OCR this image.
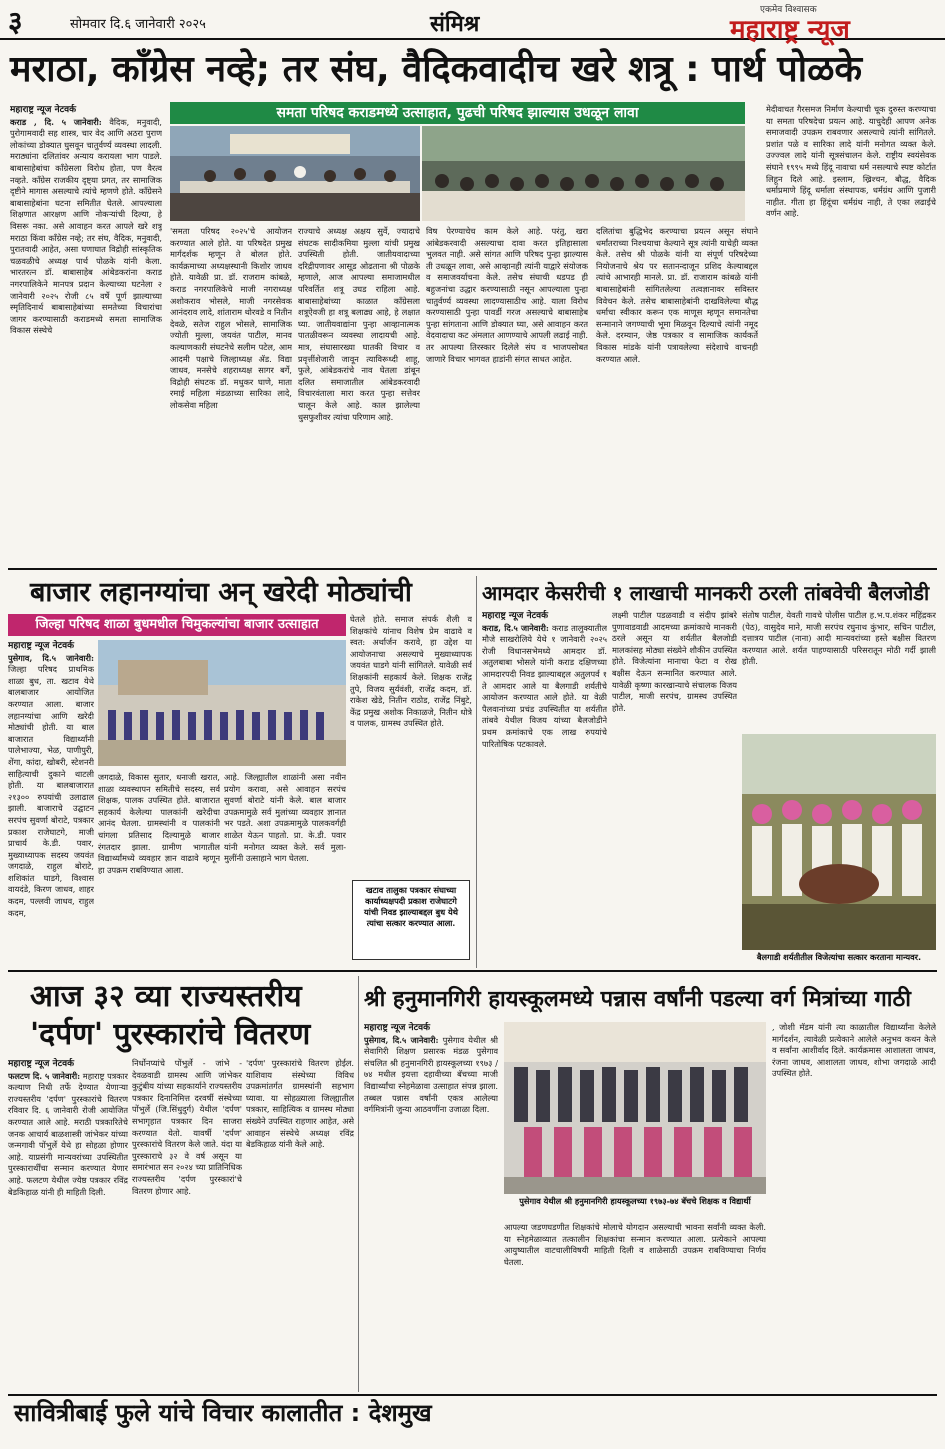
३	सोमवार दि.६ जानेवारी २०२५	संमिश्र
एकमेव विश्वासक
महाराष्ट्र न्यूज
मराठा, काँग्रेस नव्हे; तर संघ, वैदिकवादीच खरे शत्रू : पार्थ पोळके
समता परिषद कराडमध्ये उत्साहात, पुढची परिषद झाल्यास उधळून लावा
महाराष्ट्र न्यूज नेटवर्क
कराड , दि. ५ जानेवारी: वैदिक, मनुवादी, पुरोगामवादी सह शास्त्र, चार वेद आणि अठरा पुराण लोकांच्या डोक्यात घुसवून चातुर्वर्ण्य व्यवस्था लादली. मराठ्यांना दलितांवर अन्याय करायला भाग पाडले. बाबासाहेबांचा काँग्रेसला विरोध होता, पण वैरत्व नव्हते. काँग्रेस राजकीय दृष्ट्या प्रगत, तर सामाजिक दृष्टीने मागास असल्याचे त्यांचे म्हणणे होते. काँग्रेसने बाबासाहेबांना घटना समितीत घेतले. आपल्याला शिक्षणात आरक्षण आणि नोकऱ्यांची दिल्या, हे विसरू नका. असे आवाहन करत आपले खरे शत्रू मराठा किंवा काँग्रेस नव्हे; तर संघ, वैदिक, मनुवादी, पुरातवादी आहेत, असा घणाघात विद्रोही सांस्कृतिक चळवळीचे अध्यक्ष पार्थ पोळके यांनी केला. भारतरत्न डॉ. बाबासाहेब आंबेडकरांना कराड नगरपालिकेने मानपत्र प्रदान केल्याच्या घटनेला २ जानेवारी २०२५ रोजी ८५ वर्षे पूर्ण झाल्याच्या स्मृतिदिनार्थ बाबासाहेबांच्या समतेच्या विचारांचा जागर करण्यासाठी कराडमध्ये समता सामाजिक विकास संस्थेचे
'समता परिषद २०२५'चे आयोजन करण्यात आले होते. या परिषदेत प्रमुख मार्गदर्शक म्हणून ते बोलत होते. कार्यक्रमाच्या अध्यक्षस्थानी किशोर जाधव होते. यावेळी प्रा. डॉ. राजराम कांबळे, कराड नगरपालिकेचे माजी नगराध्यक्ष अशोकराव भोसले, माजी नगरसेवक आनंदराव लादे, शांताराम थोरवडे व नितीन देवळे, सतेज राहुल भोसले, सामाजिक ज्योती मुल्ला, जयवंत पाटील, मानव कल्याणकारी संघटनेचे सलीम पटेल, आम आदमी पक्षाचे जिल्हाध्यक्ष ॲड. विद्या जाधव, मनसेचे शहराध्यक्ष सागर बर्गे, विद्रोही संघटक डॉ. मधुकर घाणे, माता रमाई महिला मंडळाच्या सारिका लादे, लोकसेवा महिला
राज्याचे अध्यक्ष अक्षय सुर्वे, ज्यादाचे संघटक सादीकमिया मुल्ला यांची प्रमुख उपस्थिती होती. जातीयवादाच्या दरिद्रीपणावर आसूड ओढताना श्री पोळके म्हणाले, आज आपल्या समाजामधील परिवर्तित शत्रू उघड राहिला आहे. बाबासाहेबांच्या काळात काँग्रेसला शत्रूऐवजी हा शत्रू बलाढ्य आहे, हे लक्षात घ्या. जातीयवाद्यांना पुन्हा आव्हानात्मक पातळीवरून व्यवस्था लादायची आहे. मात्र, संघासारख्या घातकी विचार व प्रवृत्तींशेजारी जावून त्याविरूध्दी शाहू, फुले, आंबेडकरांचे नाव घेतला डांबून दलित समाजातील आंबेडकरवादी विचारवंताला मारा करत पुन्हा सत्तेवर चालून केले आहे. काल झालेल्या धुसफुशीवर त्यांचा परिणाम आहे.
विष पेरण्याचेच काम केले आहे. परंतु, खरा आंबेडकरवादी असल्याचा दावा करत इतिहासाला भुलवत नाही. असे सांगत आणि परिषद पुन्हा झाल्यास ती उधळून लावा, असे आव्हानही त्यांनी याद्वारे संयोजक व समाजवर्याचना केले. तसेच संघाची धडपड ही बहुजनांचा उद्धार करण्यासाठी नसून आपल्याला पुन्हा चातुर्वर्ण्य व्यवस्था लादण्यासाठीच आहे. याला विरोध करण्यासाठी पुन्हा पावर्डी गरज असल्याचे बाबासाहेब पुन्हा सांगताना आणि डोक्यात घ्या, असे आवाहन करत वेदवादाचा कट अंमलात आणण्याचे आपली लढाई नाही. तर आपल्या तिरस्कार दिलेले संघ व भाजपसोबत जाणारे विचार भागवत हाडांनी संगत साधत आहेत.
दलितांचा बुद्धिभेद करण्याचा प्रयत्न असून संघाने धर्मांतराच्या निश्चयाचा केल्याने सूत्र त्यांनी याचेही व्यक्त केले. तसेच श्री पोळके यांनी या संपूर्ण परिषदेच्या नियोजनाचे श्रेय पर सतानन्दाजून प्रशिद केल्याबद्दल त्यांचे आभारही मानले. प्रा. डॉ. राजाराम कांबळे यांनी बाबासाहेबांनी सांगितलेल्या तत्वज्ञानावर सविस्तर विवेचन केले. तसेच बाबासाहेबांनी दाखविलेल्या बौद्ध धर्माचा स्वीकार करून एक माणूस म्हणून समानतेचा सन्मानाने जगण्याची भूमा मिळवून दिल्याचे त्यांनी नमूद केले. दरम्यान, जेष्ठ पत्रकार व सामाजिक कार्यकर्ते विकास मांडके यांनी पत्रावलेल्या संदेशाचे वाचनही करण्यात आले.
मेदीवाचत गैरसमज निर्माण केल्याची चूक दुरुस्त करण्याचा या समता परिषदेचा प्रयत्न आहे. याचुदेही आपण अनेक समाजवादी उपक्रम राबवणार असल्याचे त्यांनी सांगितले. प्रशांत पळे व सारिका लादे यांनी मनोगत व्यक्त केले. उज्ज्वल लादे यांनी सूत्रसंचालन केले. राष्ट्रीय स्वयंसेवक संघाने १९९५ मध्ये हिंदू नावाचा धर्म नसल्याचे स्पष्ट कोर्टात लिहून दिले आहे. इस्लाम, ख्रिश्चन, बौद्ध, वैदिक धर्माप्रमाणे हिंदू धर्माला संस्थापक, धर्मग्रंथ आणि पुजारी नाहीत. गीता हा हिंदूंचा धर्मग्रंथ नाही, ते एका लढाईचे वर्णन आहे.
बाजार लहानग्यांचा अन् खरेदी मोठ्यांची
जिल्हा परिषद शाळा बुधमधील चिमुकल्यांचा बाजार उत्साहात
महाराष्ट्र न्यूज नेटवर्क
पुसेगाव, दि.५ जानेवारी: जिल्हा परिषद प्राथमिक शाळा बुध, ता. खटाव येथे बालबाजार आयोजित करण्यात आला. बाजार लहानग्यांचा आणि खरेदी मोठ्यांची होती. या बाल बाजारात विद्यार्थ्यांनी पालेभाज्या, भेळ, पाणीपुरी, शेंगा, कांदा, खोबरी, स्टेशनरी साहित्याची दुकाने थाटली होती. या बालबाजारात २१३०० रुपयांची उलाढाल झाली. बाजाराचे उद्घाटन सरपंच सुवर्णा बोराटे, पत्रकार प्रकाश राजेघाटगे, माजी प्राचार्य के.डी. पवार, मुख्याध्यापक सदस्य जयवंत जगदाळे, राहुल बोराटे, शशिकांत घाडगे, विश्वास वायदंडे, किरण जाधव, शाहर कदम, पल्लवी जाधव, राहुल कदम,
जगदाळे, विकास सुतार, धनाजी खरात, शाळा व्यवस्थापन समितीचे सदस्य, सर्व शिक्षक, पालक उपस्थित होते. बाजारात सहकार्य केलेल्या पालकांनी खरेदीचा आनंद घेतला. ग्रामस्थांनी व पालकांनी चांगला प्रतिसाद दिल्यामुळे बाजार रंगतदार झाला. ग्रामीण भागातील विद्यार्थ्यांमध्ये व्यवहार ज्ञान वाढावे म्हणून हा उपक्रम राबविण्यात आला.
आहे. जिल्ह्यातील शाळांनी असा नवीन प्रयोग करावा, असे आवाहन सरपंच सुवर्णा बोराटे यांनी केले. बाल बाजार उपक्रमामुळे सर्व मुलांच्या व्यवहार ज्ञानात भर पडते. अशा उपक्रमामुळे पालकवर्गही शाळेत येऊन पाहतो. प्रा. के.डी. पवार यांनी मनोगत व्यक्त केले. सर्व मुला-मुलींनी उत्साहाने भाग घेतला.
घेतले होते. समाज संपर्क शैली व शिक्षकांचे यांनाच विशेष प्रेम वाढावे व स्वत: अर्थार्जन करावे, हा उद्देश या आयोजनाचा असल्याचे मुख्याध्यापक जयवंत घाडगे यांनी सांगितले. यावेळी सर्व शिक्षकांनी सहकार्य केले. शिक्षक राजेंद्र तुपे, विजय सुर्यवंशी, राजेंद्र कदम, डॉ. राकेश खेडे, नितीन राठोड, राजेंद्र निंबुटे, केंद्र प्रमुख अशोक निकाळजे, नितीन धोत्रे व पालक, ग्रामस्थ उपस्थित होते.
खटाव तालुका पत्रकार संघाच्या कार्याध्यक्षपदी प्रकाश राजेघाटगे यांची निवड झाल्याबद्दल बुध येथे त्यांचा सत्कार करण्यात आला.
आमदार केसरीची १ लाखाची मानकरी ठरली तांबवेची बैलजोडी
महाराष्ट्र न्यूज नेटवर्क
कराड, दि.५ जानेवारी: कराड तालुक्यातील मौजे साखरोलिये येथे १ जानेवारी २०२५ रोजी विधानसभेमध्ये आमदार डॉ. अतुलबाबा भोसले यांनी कराड दक्षिणच्या आमदारपदी निवड झाल्याबद्दल अतुलपर्व १ ते आमदार आले या बैलगाडी शर्यतीचे आयोजन करण्यात आले होते. या वेळी पैलवानांच्या प्रचंड उपस्थितीत या शर्यतीत तांबवे येथील विजय यांच्या बैलजोडीने प्रथम क्रमांकाचे एक लाख रुपयांचे पारितोषिक पटकावले.
लक्ष्मी पाटील पडळवाडी व संदीप झांबरे पुणावाडवाडी आदमच्या क्रमांकाचे मानकरी ठरले असून या शर्यतीत बैलजोडी मालकांसह मोठ्या संख्येने शौकीन उपस्थित होते. विजेत्यांना मानाचा फेटा व रोख बक्षीस देऊन सन्मानित करण्यात आले. यावेळी कृष्णा कारखान्याचे संचालक विजय पाटील, माजी सरपंच, ग्रामस्थ उपस्थित होते.
संतोष पाटील, येवती गावचे पोलीस पाटील ह.भ.प.शंकर महिंद्रकर (पेठ), वासुदेव माने, माजी सरपंच रघुनाथ कुंभार, सचिन पाटील, दत्तात्रय पाटील (नाना) आदी मान्यवरांच्या हस्ते बक्षीस वितरण करण्यात आले. शर्यत पाहण्यासाठी परिसरातून मोठी गर्दी झाली होती.
बैलगाडी शर्यतीतील विजेत्यांचा सत्कार करताना मान्यवर.
आज ३२ व्या राज्यस्तरीय
'दर्पण' पुरस्कारांचे वितरण
महाराष्ट्र न्यूज नेटवर्क
फलटण दि. ५ जानेवारी: महाराष्ट्र पत्रकार कल्याण निधी तर्फे देण्यात येणाऱ्या राज्यस्तरीय 'दर्पण' पुरस्कारांचे वितरण रविवार दि. ६ जानेवारी रोजी आयोजित करण्यात आले आहे. मराठी पत्रकारितेचे जनक आचार्य बाळशास्त्री जांभेकर यांच्या जन्मगावी पोंभुर्ले येथे हा सोहळा होणार आहे. याप्रसंगी मान्यवरांच्या उपस्थितीत पुरस्कारार्थींचा सन्मान करण्यात येणार आहे. फलटण येथील ज्येष्ठ पत्रकार रविंद्र बेडकिहाळ यांनी ही माहिती दिली.
निर्धोनप्यांचे पोंभुर्ले - जांभे - देवळवाडी ग्रामस्थ आणि जांभेकर कुटुंबीय यांच्या सहकार्याने राज्यस्तरीय पत्रकार दिनानिमित्त दरवर्षी संस्थेच्या पोंभुर्ले (जि.सिंधुदुर्ग) येथील 'दर्पण' सभागृहात पत्रकार दिन साजरा करण्यात येतो. यावर्षी 'दर्पण' पुरस्कारांचे वितरण केले जाते. यंदा या पुरस्काराचे ३२ वे वर्ष असून या समारंभात सन २०२४ च्या प्रातिनिधिक राज्यस्तरीय 'दर्पण पुरस्कारां'चे वितरण होणार आहे.
'दर्पण' पुरस्कारांचे वितरण होईल. याशिवाय संस्थेच्या विविध उपक्रमांतर्गत ग्रामस्थांनी सहभाग घ्यावा. या सोहळ्याला जिल्ह्यातील पत्रकार, साहित्यिक व ग्रामस्थ मोठ्या संख्येने उपस्थित राहणार आहेत, असे आवाहन संस्थेचे अध्यक्ष रविंद्र बेडकिहाळ यांनी केले आहे.
श्री हनुमानगिरी हायस्कूलमध्ये पन्नास वर्षांनी पडल्या वर्ग मित्रांच्या गाठी
महाराष्ट्र न्यूज नेटवर्क
पुसेगाव, दि.५ जानेवारी: पुसेगाव येथील श्री सेवागिरी शिक्षण प्रसारक मंडळ पुसेगाव संचलित श्री हनुमानगिरी हायस्कूलच्या १९७३ / ७४ मधील इयत्ता दहावीच्या बॅचच्या माजी विद्यार्थ्यांचा स्नेहमेळावा उत्साहात संपन्न झाला. तब्बल पन्नास वर्षांनी एकत्र आलेल्या वर्गमित्रांनी जुन्या आठवणींना उजाळा दिला.
पुसेगाव येथील श्री हनुमानगिरी हायस्कूलच्या १९७३-७४ बॅचचे शिक्षक व विद्यार्थी
आपल्या जडणघडणीत शिक्षकांचे मोलाचे योगदान असल्याची भावना सर्वांनी व्यक्त केली. या स्नेहमेळाव्यात तत्कालीन शिक्षकांचा सन्मान करण्यात आला. प्रत्येकाने आपल्या आयुष्यातील वाटचालीविषयी माहिती दिली व शाळेसाठी उपक्रम राबविण्याचा निर्णय घेतला.
, जोशी मॅडम यांनी त्या काळातील विद्यार्थ्यांना केलेले मार्गदर्शन, त्यावेळी प्रत्येकाने आलेले अनुभव कथन केले व सर्वांना आशीर्वाद दिले. कार्यक्रमास आशालता जाधव, रंजना जाधव, आशालता जाधव, शोभा जगदाळे आदी उपस्थित होते.
सावित्रीबाई फुले यांचे विचार कालातीत : देशमुख
